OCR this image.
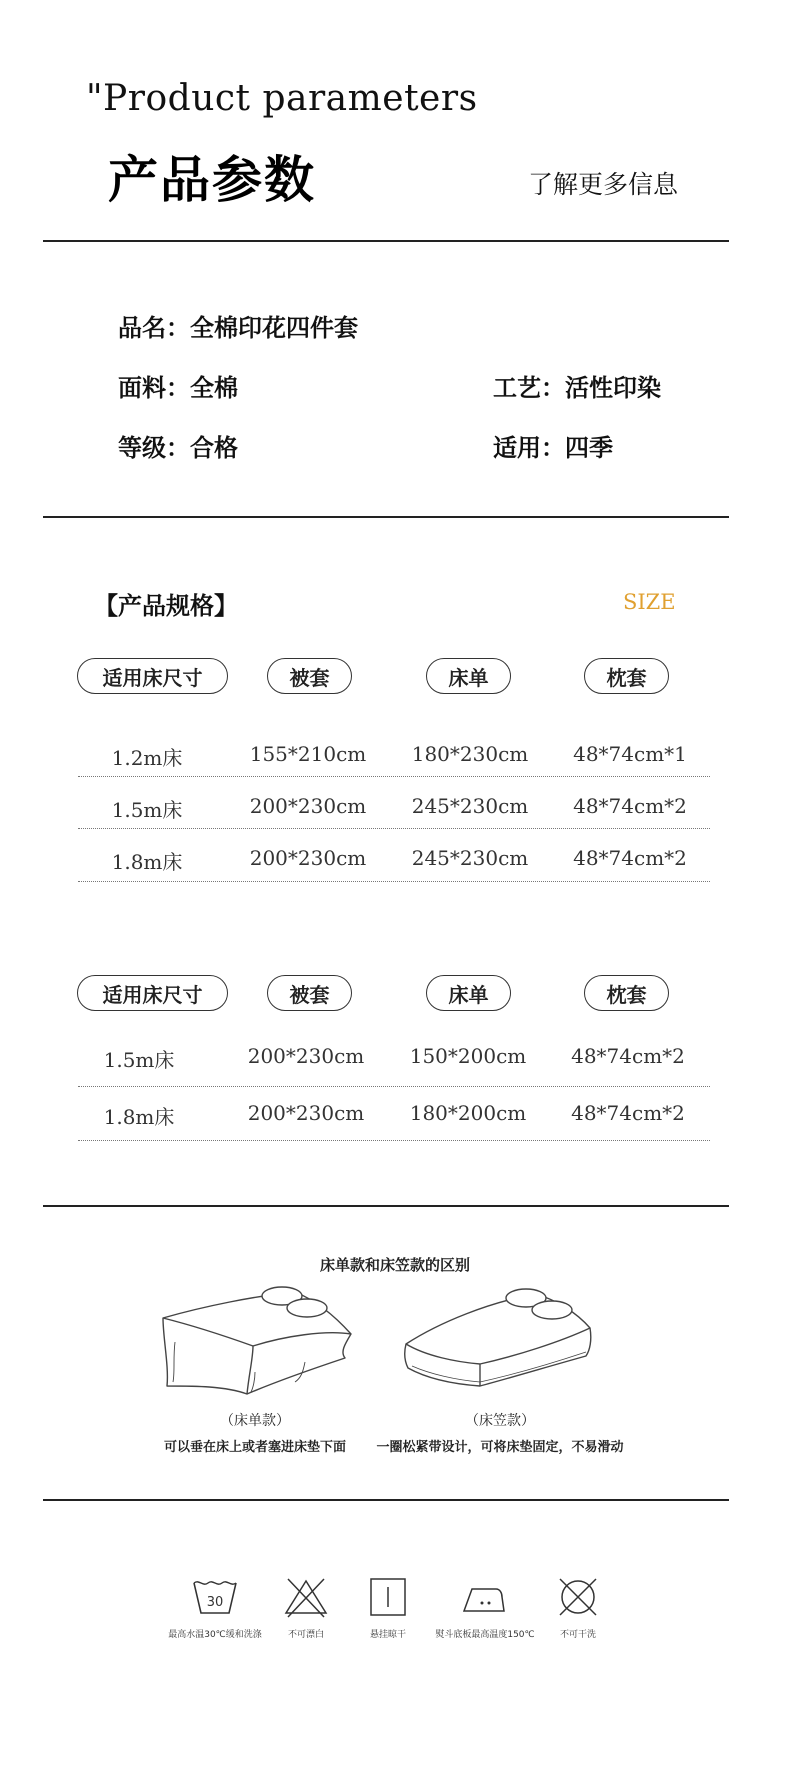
"Product parameters
产品参数	了解更多信息
品名：全棉印花四件套
面料：全棉	工艺：活性印染
等级：合格	适用：四季
【产品规格】	SIZE
适用床尺寸	被套	床单	枕套
1.2m床	155*210cm	180*230cm	48*74cm*1
1.5m床	200*230cm	245*230cm	48*74cm*2
1.8m床	200*230cm	245*230cm	48*74cm*2
适用床尺寸	被套	床单	枕套
1.5m床	200*230cm	150*200cm	48*74cm*2
1.8m床	200*230cm	180*200cm	48*74cm*2
床单款和床笠款的区别
（床单款）
可以垂在床上或者塞进床垫下面
（床笠款）
一圈松紧带设计，可将床垫固定，不易滑动
30
最高水温30℃缓和洗涤	不可漂白	悬挂晾干	熨斗底板最高温度150℃	不可干洗
